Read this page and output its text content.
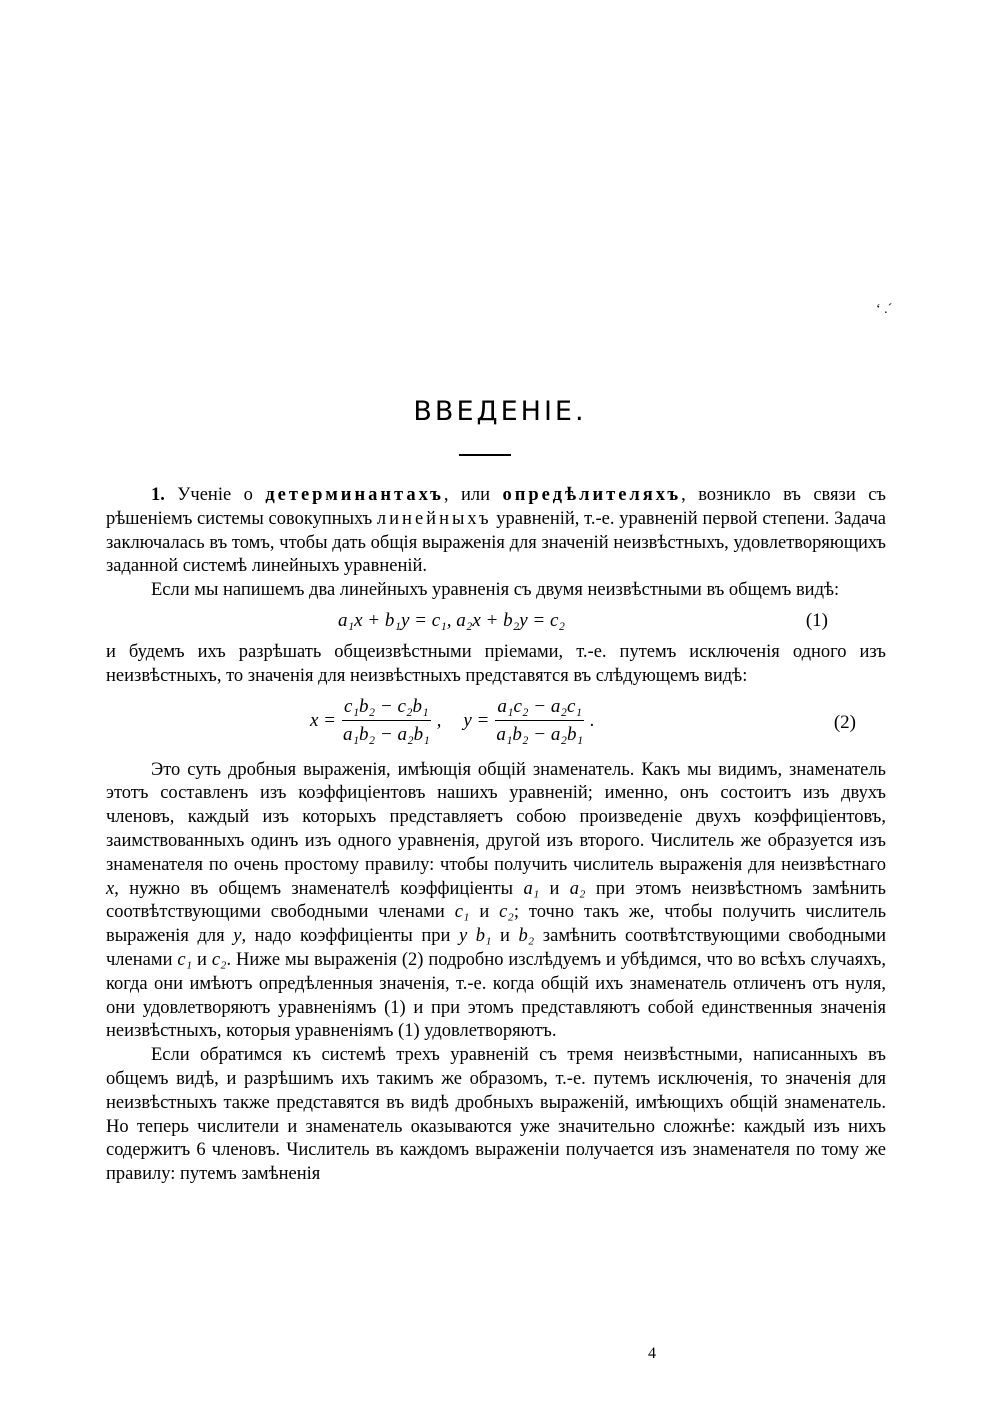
‘ .´
ВВЕДЕНIЕ.

1. Ученiе о детерминантахъ, или опредѣлителяхъ, возникло въ связи съ рѣшенiемъ системы совокупныхъ линейныхъ уравненiй, т.-е. уравненiй первой степени. Задача заключалась въ томъ, чтобы дать общiя выраженiя для значенiй неизвѣстныхъ, удовлетворяющихъ заданной системѣ линейныхъ уравненiй.

Если мы напишемъ два линейныхъ уравненiя съ двумя неизвѣстными въ общемъ видѣ:

a₁x + b₁y = c₁, a₂x + b₂y = c₂	(1)

и будемъ ихъ разрѣшать общеизвѣстными прiемами, т.-е. путемъ исключенiя одного изъ неизвѣстныхъ, то значенiя для неизвѣстныхъ представятся въ слѣдующемъ видѣ:

$x = \frac{\text{c₁b₂ − c₂b₁}}{\text{a₁b₂ − a₂b₁}}$ , $y = \frac{\text{a₁c₂ − a₂c₁}}{\text{a₁b₂ − a₂b₁}}$ .	(2)

Это суть дробныя выраженiя, имѣющiя общiй знаменатель. Какъ мы видимъ, знаменатель этотъ составленъ изъ коэффицiентовъ нашихъ уравненiй; именно, онъ состоитъ изъ двухъ членовъ, каждый изъ которыхъ представляетъ собою произведенiе двухъ коэффицiентовъ, заимствованныхъ одинъ изъ одного уравненiя, другой изъ второго. Числитель же образуется изъ знаменателя по очень простому правилу: чтобы получить числитель выраженiя для неизвѣстнаго x, нужно въ общемъ знаменателѣ коэффицiенты a₁ и a₂ при этомъ неизвѣстномъ замѣнить соотвѣтствующими свободными членами c₁ и c₂; точно такъ же, чтобы получить числитель выраженiя для y, надо коэффицiенты при y b₁ и b₂ замѣнить соотвѣтствующими свободными членами c₁ и c₂. Ниже мы выраженiя (2) подробно изслѣдуемъ и убѣдимся, что во всѣхъ случаяхъ, когда они имѣютъ опредѣленныя значенiя, т.-е. когда общiй ихъ знаменатель отличенъ отъ нуля, они удовлетворяютъ уравненiямъ (1) и при этомъ представляютъ собой единственныя значенiя неизвѣстныхъ, которыя уравненiямъ (1) удовлетворяютъ.

Если обратимся къ системѣ трехъ уравненiй съ тремя неизвѣстными, написанныхъ въ общемъ видѣ, и разрѣшимъ ихъ такимъ же образомъ, т.-е. путемъ исключенiя, то значенiя для неизвѣстныхъ также представятся въ видѣ дробныхъ выраженiй, имѣющихъ общiй знаменатель. Но теперь числители и знаменатель оказываются уже значительно сложнѣе: каждый изъ нихъ содержитъ 6 членовъ. Числитель въ каждомъ выраженiи получается изъ знаменателя по тому же правилу: путемъ замѣненiя

4
